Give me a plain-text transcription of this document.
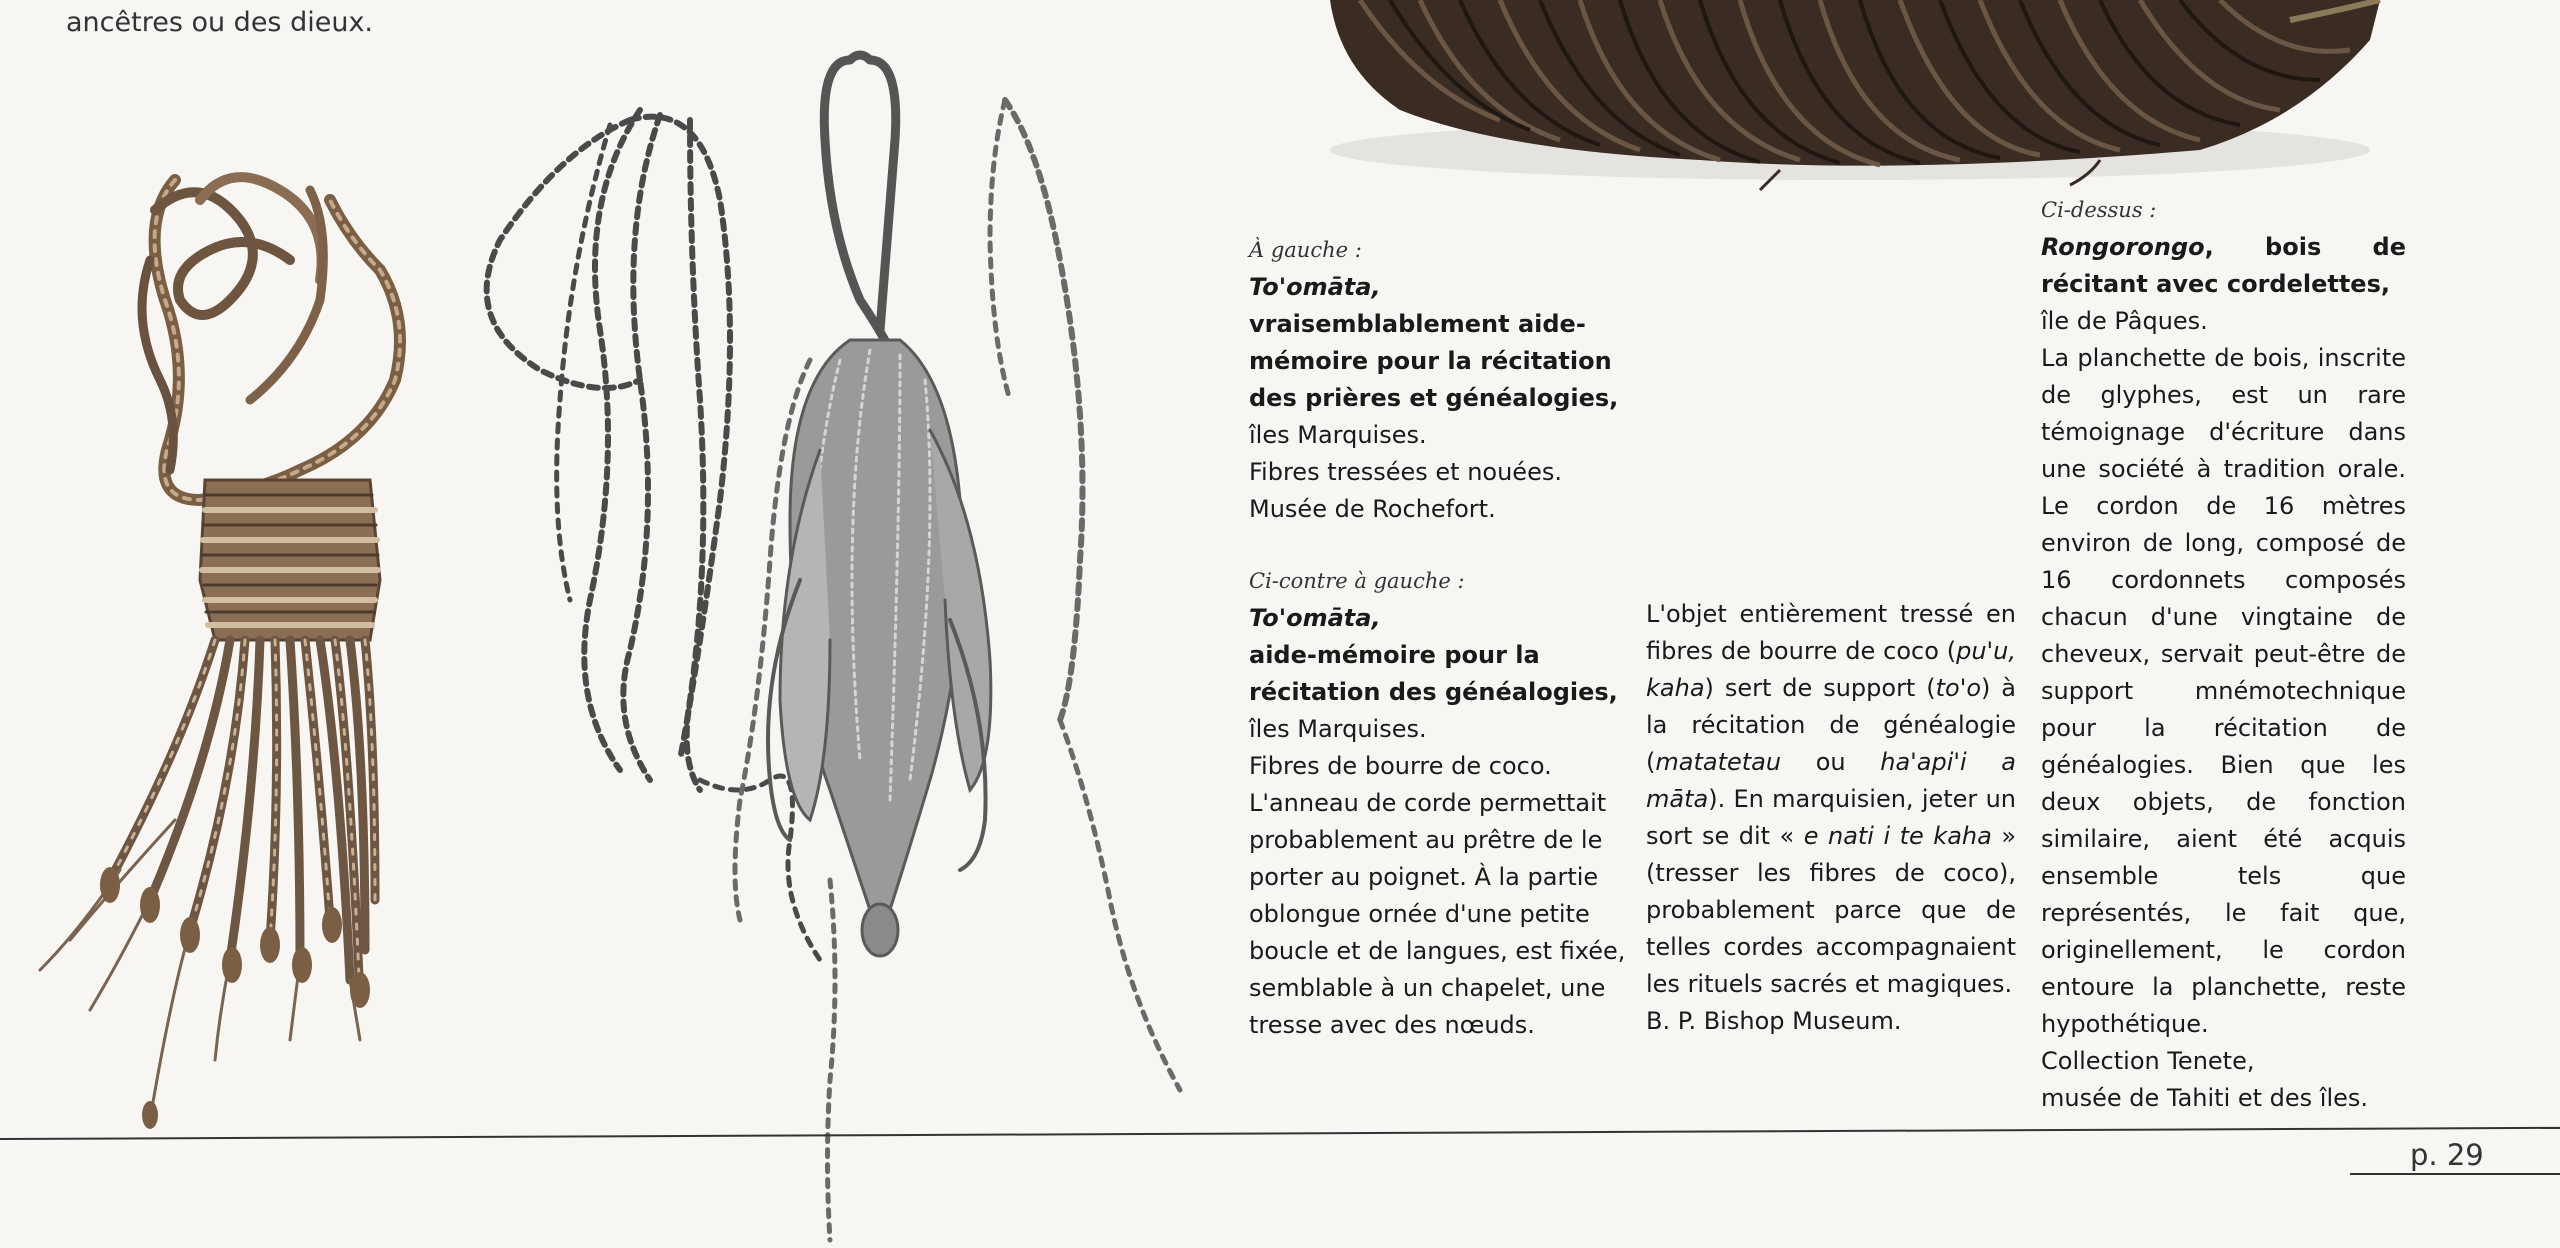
ancêtres ou des dieux.

À gauche :

To'omāta,

vraisemblablement aide-mémoire pour la récitation des prières et généalogies,

îles Marquises.

Fibres tressées et nouées.

Musée de Rochefort.

Ci-contre à gauche :

To'omāta,

aide-mémoire pour la récitation des généalogies,

îles Marquises.

Fibres de bourre de coco.

L'anneau de corde permettait probablement au prêtre de le porter au poignet. À la partie oblongue ornée d'une petite boucle et de langues, est fixée, semblable à un chapelet, une tresse avec des nœuds.

L'objet entièrement tressé en fibres de bourre de coco (pu'u, kaha) sert de support (to'o) à la récitation de généalogie (matatetau ou ha'api'i a māta). En marquisien, jeter un sort se dit « e nati i te kaha » (tresser les fibres de coco), probablement parce que de telles cordes accompagnaient les rituels sacrés et magiques.

B. P. Bishop Museum.

Ci-dessus :

Rongorongo, bois de récitant avec cordelettes,

île de Pâques.

La planchette de bois, inscrite de glyphes, est un rare témoignage d'écriture dans une société à tradition orale. Le cordon de 16 mètres environ de long, composé de 16 cordonnets composés chacun d'une vingtaine de cheveux, servait peut-être de support mnémotechnique pour la récitation de généalogies. Bien que les deux objets, de fonction similaire, aient été acquis ensemble tels que représentés, le fait que, originellement, le cordon entoure la planchette, reste hypothétique.

Collection Tenete,

musée de Tahiti et des îles.

p. 29
